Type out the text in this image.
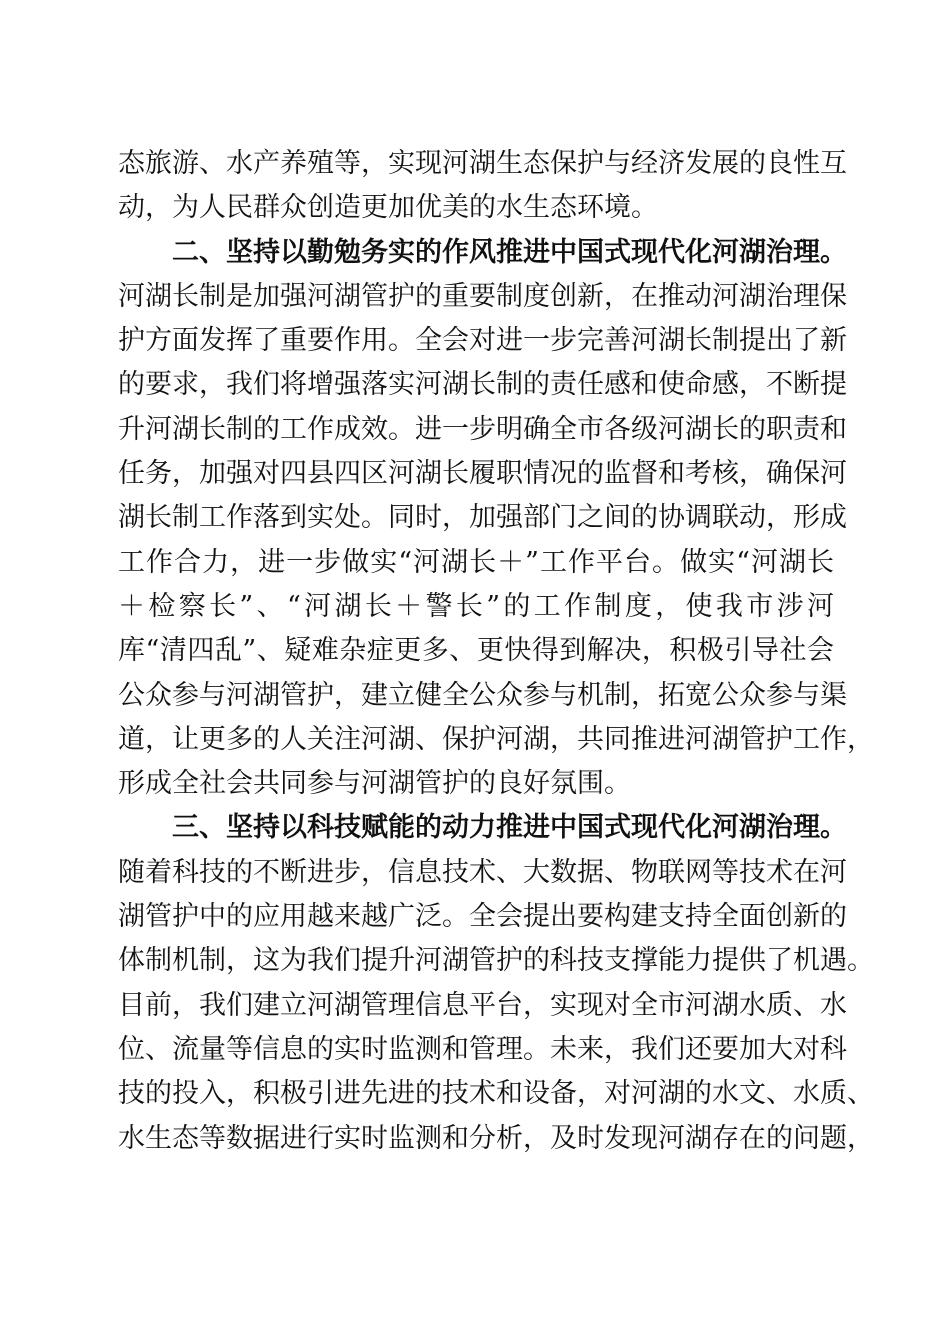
态旅游、水产养殖等，实现河湖生态保护与经济发展的良性互
动，为人民群众创造更加优美的水生态环境。
二、坚持以勤勉务实的作风推进中国式现代化河湖治理。
河湖长制是加强河湖管护的重要制度创新，在推动河湖治理保
护方面发挥了重要作用。全会对进一步完善河湖长制提出了新
的要求，我们将增强落实河湖长制的责任感和使命感，不断提
升河湖长制的工作成效。进一步明确全市各级河湖长的职责和
任务，加强对四县四区河湖长履职情况的监督和考核，确保河
湖长制工作落到实处。同时，加强部门之间的协调联动，形成
工作合力，进一步做实“河湖长＋”工作平台。做实“河湖长
＋检察长”、“河湖长＋警长”的工作制度，使我市涉河
库“清四乱”、疑难杂症更多、更快得到解决，积极引导社会
公众参与河湖管护，建立健全公众参与机制，拓宽公众参与渠
道，让更多的人关注河湖、保护河湖，共同推进河湖管护工作，
形成全社会共同参与河湖管护的良好氛围。
三、坚持以科技赋能的动力推进中国式现代化河湖治理。
随着科技的不断进步，信息技术、大数据、物联网等技术在河
湖管护中的应用越来越广泛。全会提出要构建支持全面创新的
体制机制，这为我们提升河湖管护的科技支撑能力提供了机遇。
目前，我们建立河湖管理信息平台，实现对全市河湖水质、水
位、流量等信息的实时监测和管理。未来，我们还要加大对科
技的投入，积极引进先进的技术和设备，对河湖的水文、水质、
水生态等数据进行实时监测和分析，及时发现河湖存在的问题，
